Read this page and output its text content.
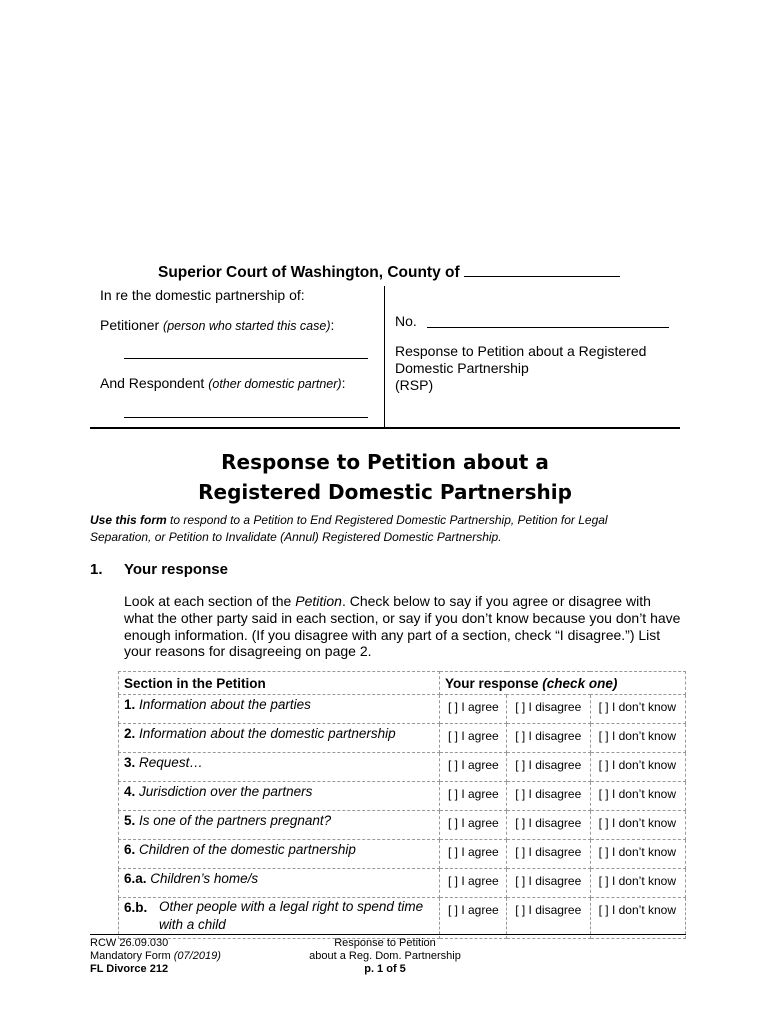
Superior Court of Washington, County of
In re the domestic partnership of:
Petitioner (person who started this case):
And Respondent (other domestic partner):
No.
Response to Petition about a Registered
Domestic Partnership
(RSP)
Response to Petition about a
Registered Domestic Partnership
Use this form to respond to a Petition to End Registered Domestic Partnership, Petition for Legal Separation, or Petition to Invalidate (Annul) Registered Domestic Partnership.
1. Your response
Look at each section of the Petition. Check below to say if you agree or disagree with what the other party said in each section, or say if you don’t know because you don’t have enough information. (If you disagree with any part of a section, check “I disagree.”) List your reasons for disagreeing on page 2.
Section in the Petition	Your response (check one)		
1. Information about the parties	[ ] I agree	[ ] I disagree	[ ] I don’t know
2. Information about the domestic partnership	[ ] I agree	[ ] I disagree	[ ] I don’t know
3. Request…	[ ] I agree	[ ] I disagree	[ ] I don’t know
4. Jurisdiction over the partners	[ ] I agree	[ ] I disagree	[ ] I don’t know
5. Is one of the partners pregnant?	[ ] I agree	[ ] I disagree	[ ] I don’t know
6. Children of the domestic partnership	[ ] I agree	[ ] I disagree	[ ] I don’t know
6.a. Children’s home/s	[ ] I agree	[ ] I disagree	[ ] I don’t know

6.b. Other people with a legal right to spend time with a child	[ ] I agree	[ ] I disagree	[ ] I don’t know
RCW 26.09.030
Mandatory Form (07/2019)
FL Divorce 212
Response to Petition
about a Reg. Dom. Partnership
p. 1 of 5
